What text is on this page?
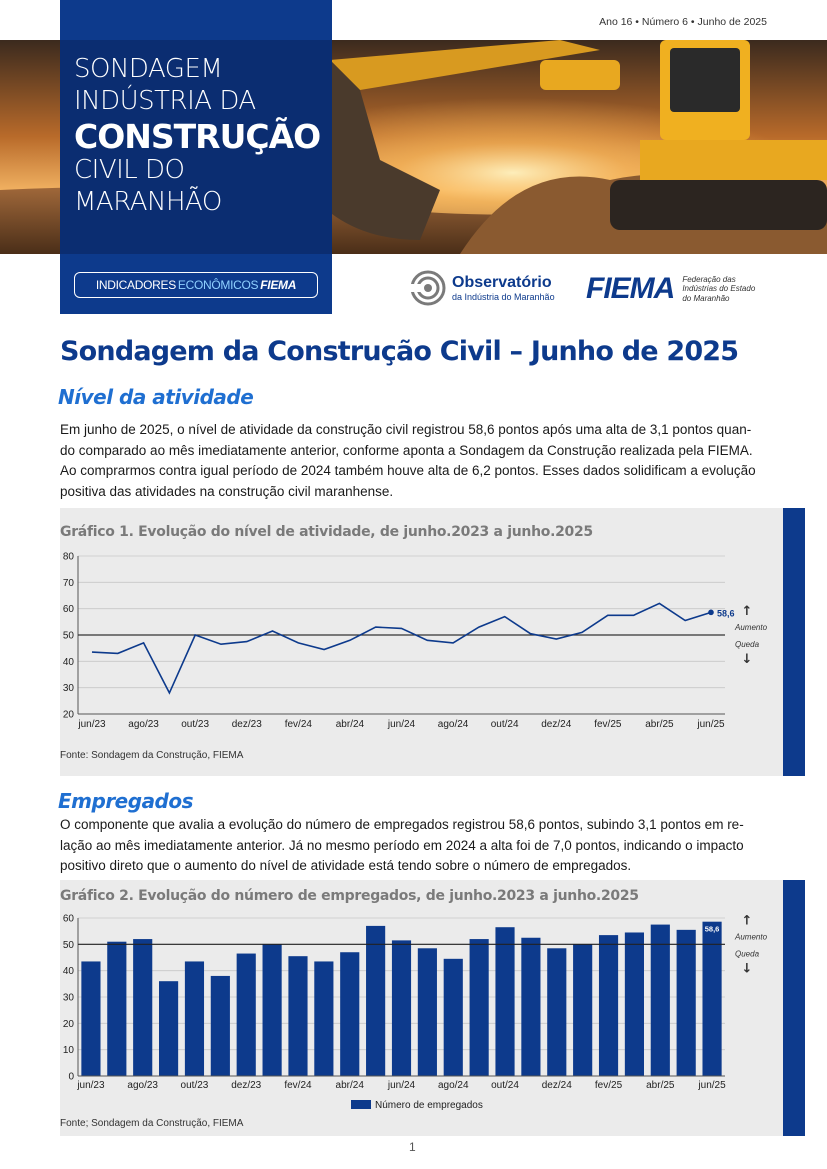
Ano 16 • Número 6 • Junho de 2025
SONDAGEM
INDÚSTRIA DA
CONSTRUÇÃO
CIVIL DO
MARANHÃO
INDICADORES ECONÔMICOS FIEMA	Observatório
da Indústria do Maranhão FIEMA Federação das
Indústrias do Estado
do Maranhão
Sondagem da Construção Civil – Junho de 2025
Nível da atividade
Em junho de 2025, o nível de atividade da construção civil registrou 58,6 pontos após uma alta de 3,1 pontos quan-
do comparado ao mês imediatamente anterior, conforme aponta a Sondagem da Construção realizada pela FIEMA.
Ao comprarmos contra igual período de 2024 também houve alta de 6,2 pontos. Esses dados solidificam a evolução
positiva das atividades na construção civil maranhense.
Gráfico 1. Evolução do nível de atividade, de junho.2023 a junho.2025
20
30
40
50
60
70
80
jun/23 ago/23 out/23 dez/23 fev/24 abr/24 jun/24 ago/24 out/24 dez/24 fev/25 abr/25 jun/25
58,6 ↑
Aumento
Queda
↓
Fonte: Sondagem da Construção, FIEMA
Empregados
O componente que avalia a evolução do número de empregados registrou 58,6 pontos, subindo 3,1 pontos em re-
lação ao mês imediatamente anterior. Já no mesmo período em 2024 a alta foi de 7,0 pontos, indicando o impacto
positivo direto que o aumento do nível de atividade está tendo sobre o número de empregados.
Gráfico 2. Evolução do número de empregados, de junho.2023 a junho.2025
0
10
20
30
40
50
60
jun/23 ago/23 out/23 dez/23 fev/24 abr/24 jun/24 ago/24 out/24 dez/24 fev/25 abr/25 jun/25
58,6
Número de empregados
↑
Aumento
Queda
↓
Fonte; Sondagem da Construção, FIEMA
1
